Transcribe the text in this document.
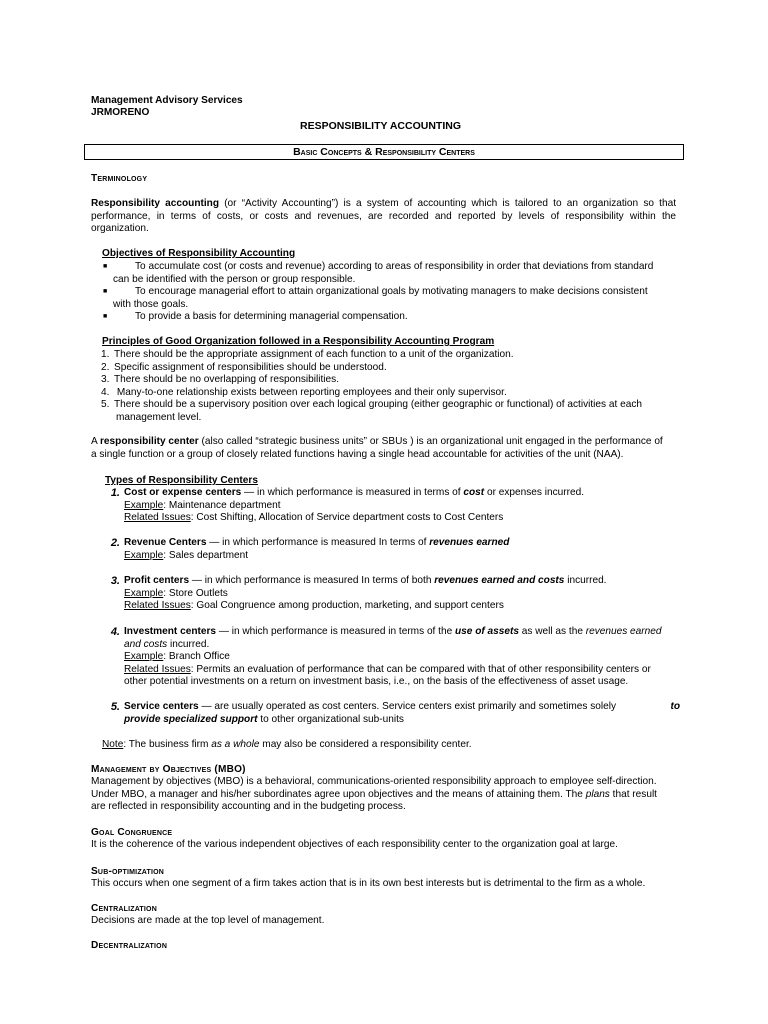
Management Advisory Services
JRMORENO
RESPONSIBILITY ACCOUNTING
Basic Concepts & Responsibility Centers
Terminology
Responsibility accounting (or “Activity Accounting”) is a system of accounting which is tailored to an organization so that
performance, in terms of costs, or costs and revenues, are recorded and reported by levels of responsibility within the
organization.
Objectives of Responsibility Accounting
■	To accumulate cost (or costs and revenue) according to areas of responsibility in order that deviations from standard
can be identified with the person or group responsible.
■	To encourage managerial effort to attain organizational goals by motivating managers to make decisions consistent
with those goals.
■	To provide a basis for determining managerial compensation.
Principles of Good Organization followed in a Responsibility Accounting Program
1. There should be the appropriate assignment of each function to a unit of the organization.
2. Specific assignment of responsibilities should be understood.
3. There should be no overlapping of responsibilities.
4. Many-to-one relationship exists between reporting employees and their only supervisor.
5. There should be a supervisory position over each logical grouping (either geographic or functional) of activities at each
management level.
A responsibility center (also called “strategic business units” or SBUs ) is an organizational unit engaged in the performance of
a single function or a group of closely related functions having a single head accountable for activities of the unit (NAA).
Types of Responsibility Centers
1. Cost or expense centers — in which performance is measured in terms of cost or expenses incurred.
Example: Maintenance department
Related Issues: Cost Shifting, Allocation of Service department costs to Cost Centers
2. Revenue Centers — in which performance is measured In terms of revenues earned
Example: Sales department
3. Profit centers — in which performance is measured In terms of both revenues earned and costs incurred.
Example: Store Outlets
Related Issues: Goal Congruence among production, marketing, and support centers
4. Investment centers — in which performance is measured in terms of the use of assets as well as the revenues earned
and costs incurred.
Example: Branch Office
Related Issues: Permits an evaluation of performance that can be compared with that of other responsibility centers or
other potential investments on a return on investment basis, i.e., on the basis of the effectiveness of asset usage.
5. Service centers — are usually operated as cost centers. Service centers exist primarily and sometimes solely	to
provide specialized support to other organizational sub-units
Note: The business firm as a whole may also be considered a responsibility center.
Management by Objectives (MBO)
Management by objectives (MBO) is a behavioral, communications-oriented responsibility approach to employee self-direction.
Under MBO, a manager and his/her subordinates agree upon objectives and the means of attaining them. The plans that result
are reflected in responsibility accounting and in the budgeting process.
Goal Congruence
It is the coherence of the various independent objectives of each responsibility center to the organization goal at large.
Sub-optimization
This occurs when one segment of a firm takes action that is in its own best interests but is detrimental to the firm as a whole.
Centralization
Decisions are made at the top level of management.
Decentralization
